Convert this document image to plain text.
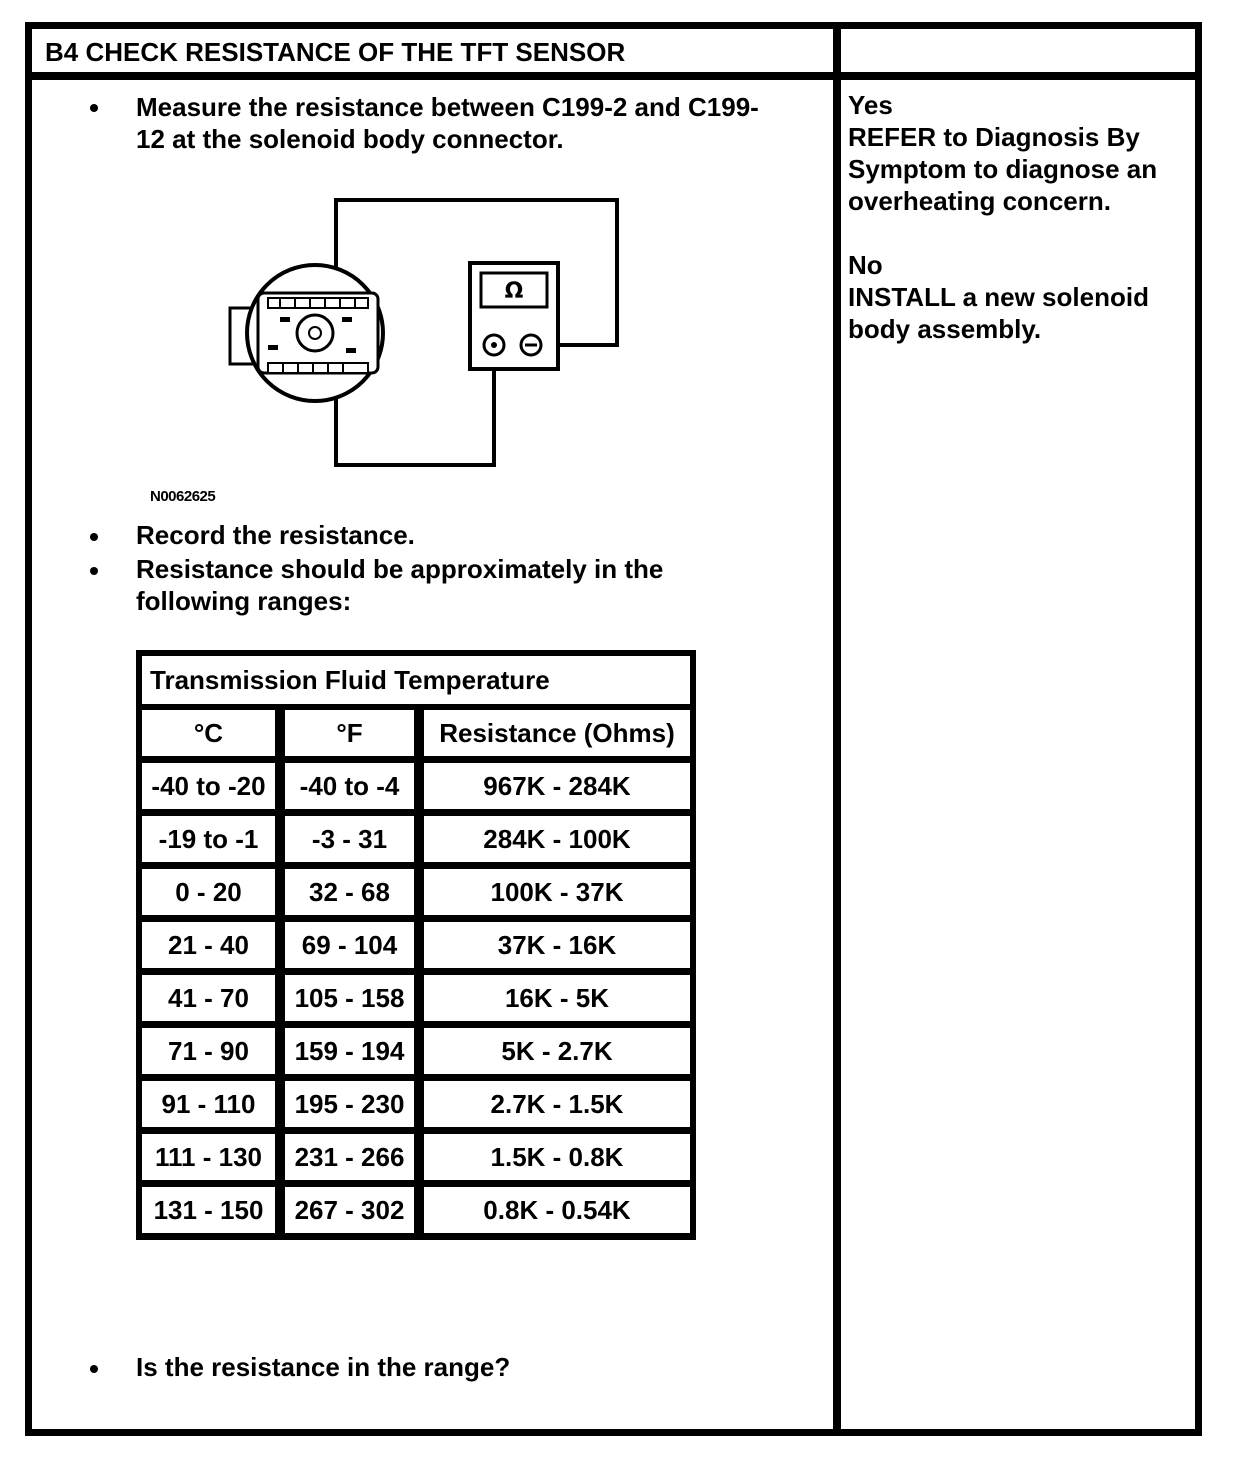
B4 CHECK RESISTANCE OF THE TFT SENSOR
Measure the resistance between C199-2 and C199-
12 at the solenoid body connector.
Ω
N0062625
Record the resistance.
Resistance should be approximately in the
following ranges:
Transmission Fluid Temperature
°C	°F	Resistance (Ohms)
-40 to -20	-40 to -4	967K - 284K
-19 to -1	-3 - 31	284K - 100K
0 - 20	32 - 68	100K - 37K
21 - 40	69 - 104	37K - 16K
41 - 70	105 - 158	16K - 5K
71 - 90	159 - 194	5K - 2.7K
91 - 110	195 - 230	2.7K - 1.5K
111 - 130	231 - 266	1.5K - 0.8K
131 - 150	267 - 302	0.8K - 0.54K
Is the resistance in the range?
Yes
REFER to Diagnosis By
Symptom to diagnose an
overheating concern.
No
INSTALL a new solenoid
body assembly.
